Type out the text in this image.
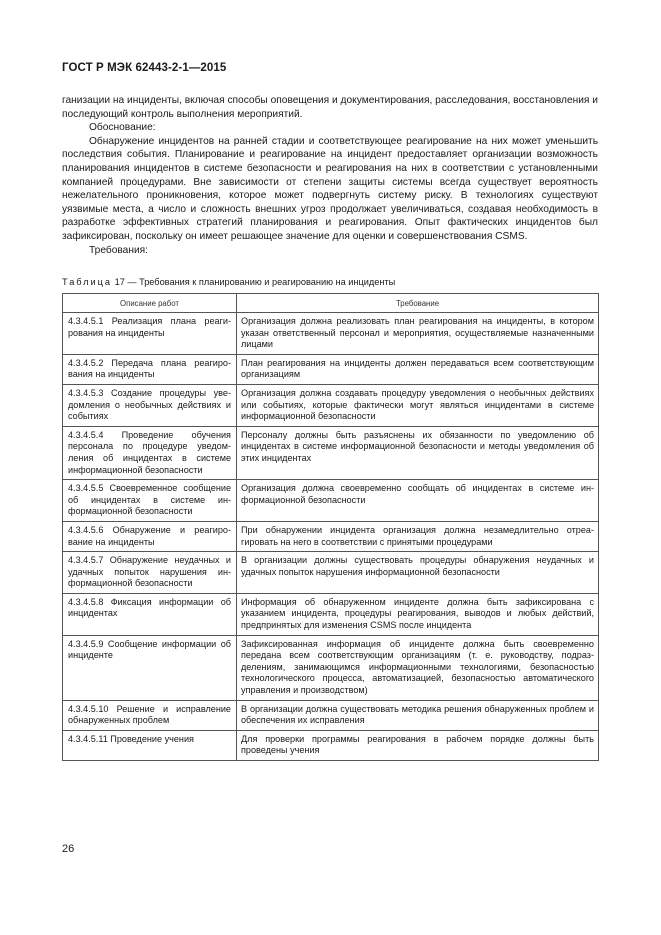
ГОСТ Р МЭК 62443-2-1—2015

ганизации на инциденты, включая способы оповещения и документирования, расследования, восстановления и последующий контроль выполнения мероприятий.

Обоснование:

Обнаружение инцидентов на ранней стадии и соответствующее реагирование на них может уменьшить последствия события. Планирование и реагирование на инцидент предоставляет организации возможность планирования инцидентов в системе безопасности и реагирования на них в соответствии с установленными компанией процедурами. Вне зависимости от степени защиты системы всегда существует вероятность нежелательного проникновения, которое может подвергнуть систему риску. В технологиях существуют уязвимые места, а число и сложность внешних угроз продолжает увеличиваться, создавая необходимость в разработке эффективных стратегий планирования и реагирования. Опыт фактических инцидентов был зафиксирован, поскольку он имеет решающее значение для оценки и совершенствования CSMS.

Требования:

Таблица 17 — Требования к планированию и реагированию на инциденты
Описание работ	Требование
4.3.4.5.1 Реализация плана реагирования на инциденты	Организация должна реализовать план реагирования на инциденты, в котором указан ответственный персонал и мероприятия, осуществляемые назначенными лицами
4.3.4.5.2 Передача плана реагирования на инциденты	План реагирования на инциденты должен передаваться всем соответствующим организациям
4.3.4.5.3 Создание процедуры уведомления о необычных действиях и событиях	Организация должна создавать процедуру уведомления о необычных действиях или событиях, которые фактически могут являться инцидентами в системе информационной безопасности
4.3.4.5.4 Проведение обучения персонала по процедуре уведомления об инцидентах в системе информационной безопасности	Персоналу должны быть разъяснены их обязанности по уведомлению об инцидентах в системе информационной безопасности и методы уведомления об этих инцидентах
4.3.4.5.5 Своевременное сообщение об инцидентах в системе информационной безопасности	Организация должна своевременно сообщать об инцидентах в системе информационной безопасности
4.3.4.5.6 Обнаружение и реагирование на инциденты	При обнаружении инцидента организация должна незамедлительно отреагировать на него в соответствии с принятыми процедурами
4.3.4.5.7 Обнаружение неудачных и удачных попыток нарушения информационной безопасности	В организации должны существовать процедуры обнаружения неудачных и удачных попыток нарушения информационной безопасности
4.3.4.5.8 Фиксация информации об инцидентах	Информация об обнаруженном инциденте должна быть зафиксирована с указанием инцидента, процедуры реагирования, выводов и любых действий, предпринятых для изменения CSMS после инцидента
4.3.4.5.9 Сообщение информации об инциденте	Зафиксированная информация об инциденте должна быть своевременно передана всем соответствующим организациям (т. е. руководству, подразделениям, занимающимся информационными технологиями, безопасностью технологического процесса, автоматизацией, безопасностью автоматического управления и производством)
4.3.4.5.10 Решение и исправление обнаруженных проблем	В организации должна существовать методика решения обнаруженных проблем и обеспечения их исправления
4.3.4.5.11 Проведение учения	Для проверки программы реагирования в рабочем порядке должны быть проведены учения
26
